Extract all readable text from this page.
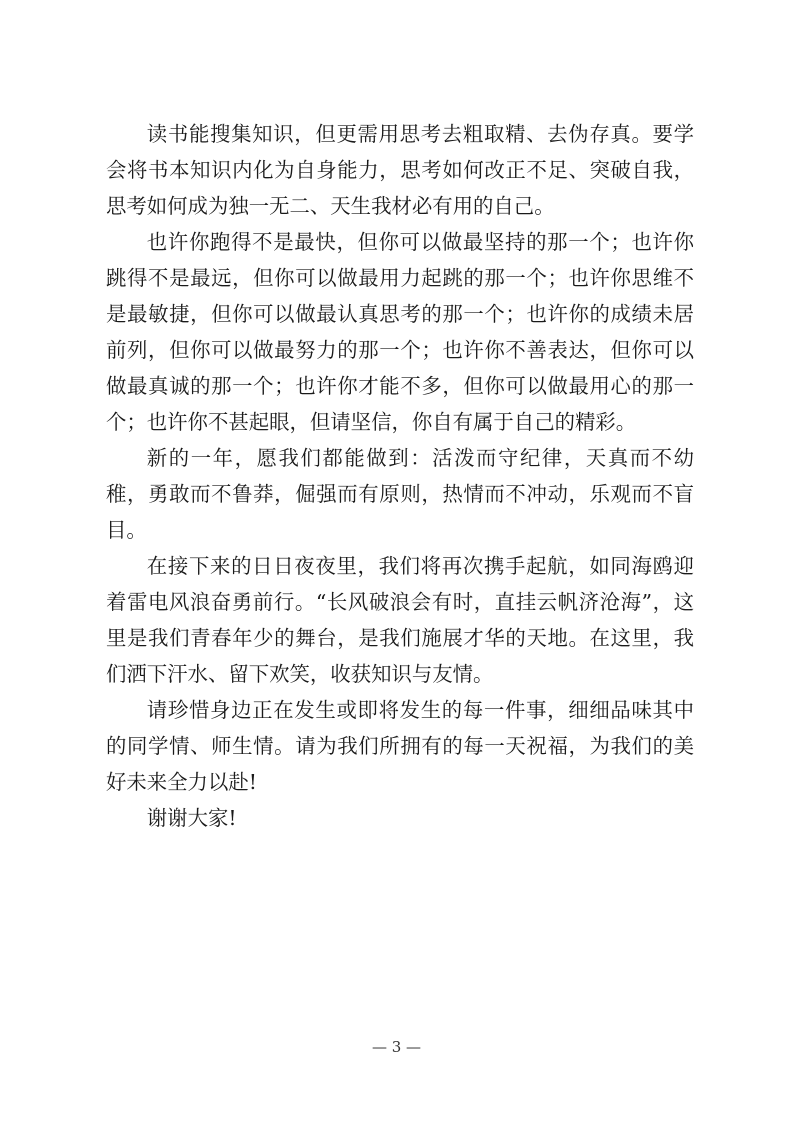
读书能搜集知识，但更需用思考去粗取精、去伪存真。要学会将书本知识内化为自身能力，思考如何改正不足、突破自我，思考如何成为独一无二、天生我材必有用的自己。

也许你跑得不是最快，但你可以做最坚持的那一个；也许你跳得不是最远，但你可以做最用力起跳的那一个；也许你思维不是最敏捷，但你可以做最认真思考的那一个；也许你的成绩未居前列，但你可以做最努力的那一个；也许你不善表达，但你可以做最真诚的那一个；也许你才能不多，但你可以做最用心的那一个；也许你不甚起眼，但请坚信，你自有属于自己的精彩。

新的一年，愿我们都能做到：活泼而守纪律，天真而不幼稚，勇敢而不鲁莽，倔强而有原则，热情而不冲动，乐观而不盲目。

在接下来的日日夜夜里，我们将再次携手起航，如同海鸥迎着雷电风浪奋勇前行。“长风破浪会有时，直挂云帆济沧海”，这里是我们青春年少的舞台，是我们施展才华的天地。在这里，我们洒下汗水、留下欢笑，收获知识与友情。

请珍惜身边正在发生或即将发生的每一件事，细细品味其中的同学情、师生情。请为我们所拥有的每一天祝福，为我们的美好未来全力以赴!

谢谢大家!

— 3 —
